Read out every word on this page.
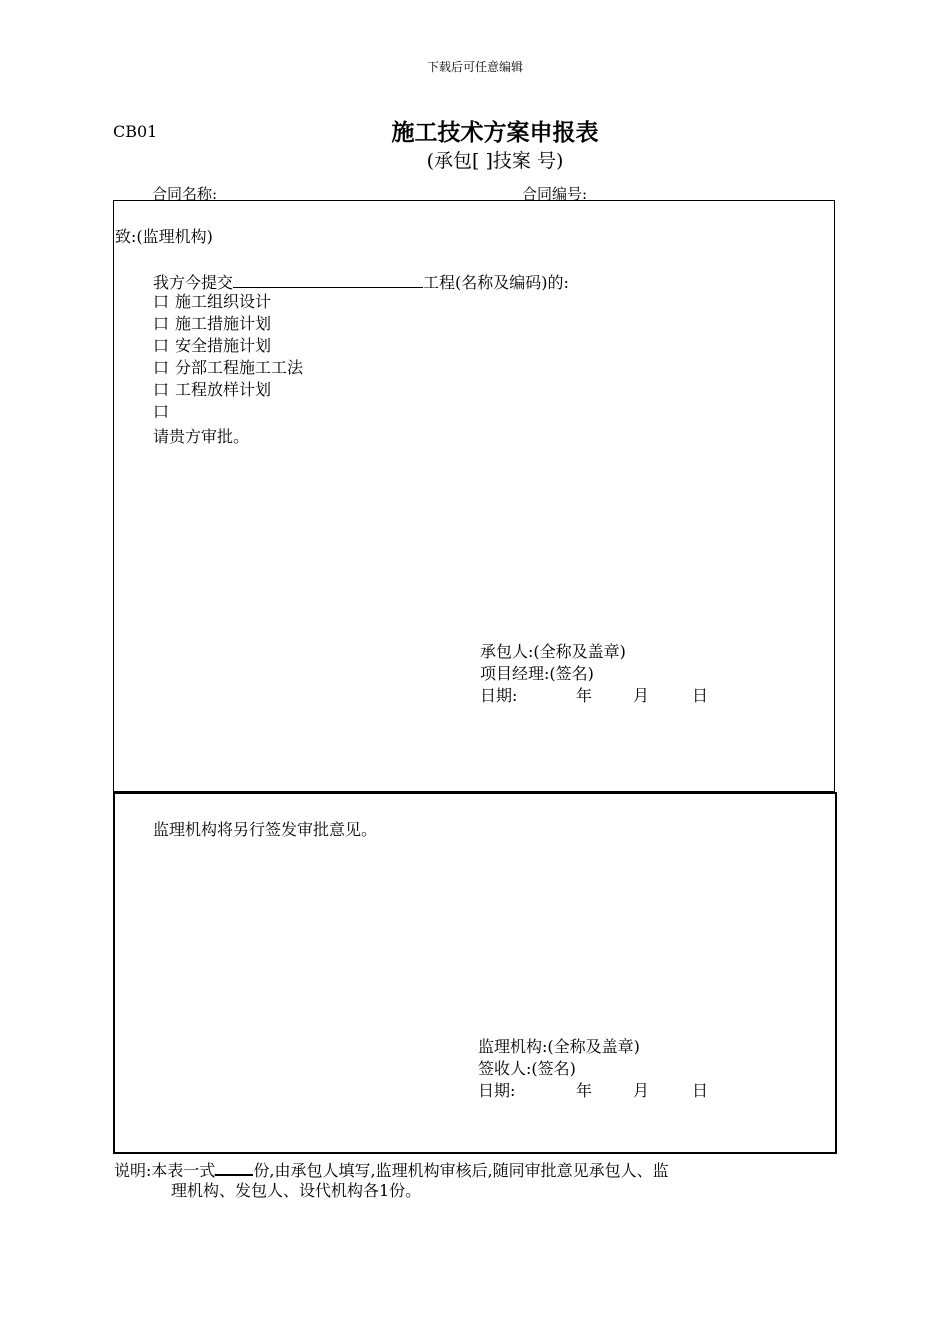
下载后可任意编辑
CB01	施工技术方案申报表
(承包[ ]技案 号)
合同名称:	合同编号:
致:(监理机构)
我方今提交	工程(名称及编码)的:
口 施工组织设计
口 施工措施计划
口 安全措施计划
口 分部工程施工工法
口 工程放样计划
口
请贵方审批。
承包人:(全称及盖章)
项目经理:(签名)
日期:	年	月	日
监理机构将另行签发审批意见。
监理机构:(全称及盖章)
签收人:(签名)
日期:	年	月	日
说明:本表一式 份,由承包人填写,监理机构审核后,随同审批意见承包人、监
理机构、发包人、设代机构各1份。
